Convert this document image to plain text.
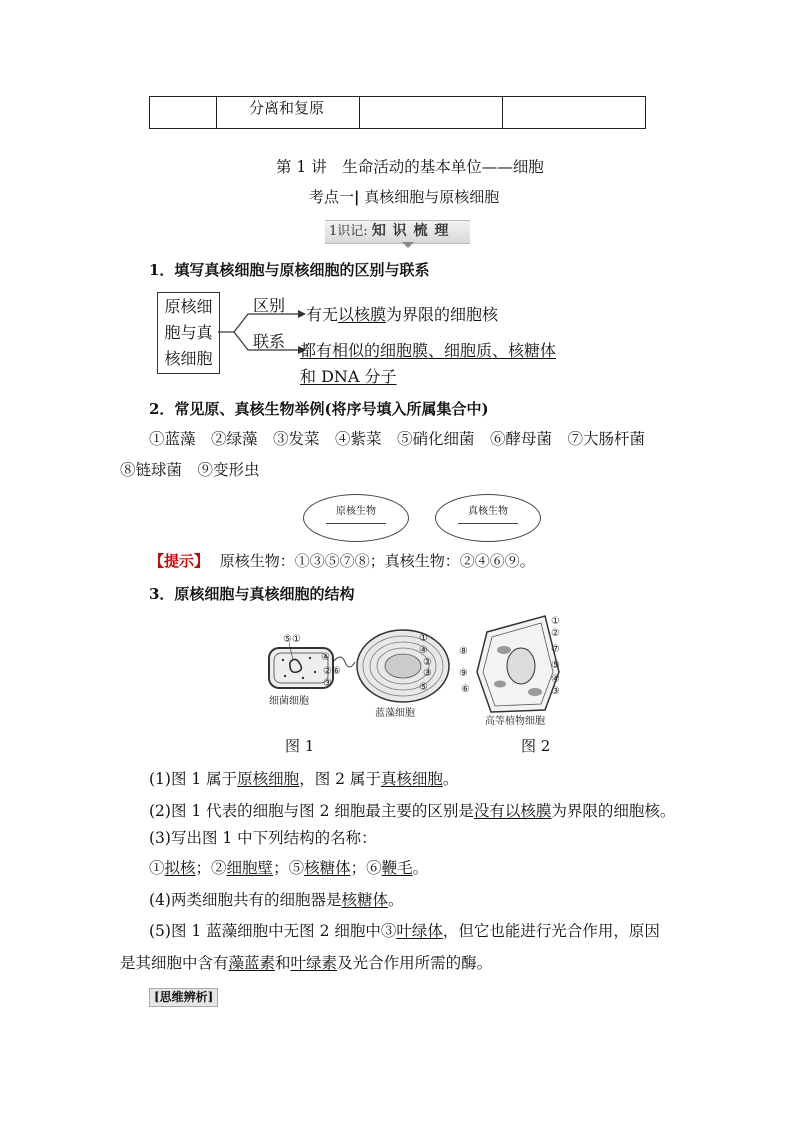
	分离和复原		
第 1 讲　生命活动的基本单位——细胞
考点一| 真核细胞与原核细胞
1识记: 知 识 梳 理
1．填写真核细胞与原核细胞的区别与联系
原核细
胞与真
核细胞
区别 有无以核膜为界限的细胞核
联系 都有相似的细胞膜、细胞质、核糖体
和 DNA 分子
2．常见原、真核生物举例(将序号填入所属集合中)
①蓝藻　②绿藻　③发菜　④紫菜　⑤硝化细菌　⑥酵母菌　⑦大肠杆菌
⑧链球菌　⑨变形虫
原核生物	真核生物
【提示】 原核生物：①③⑤⑦⑧；真核生物：②④⑥⑨。
3．原核细胞与真核细胞的结构
⑤①
④
②⑥
③
细菌细胞
①
④
②
③
⑤
蓝藻细胞
①
②
⑦
⑤
④
③
⑧
⑨
⑥
高等植物细胞
图 1	图 2
(1)图 1 属于原核细胞，图 2 属于真核细胞。
(2)图 1 代表的细胞与图 2 细胞最主要的区别是没有以核膜为界限的细胞核。
(3)写出图 1 中下列结构的名称：
①拟核；②细胞壁；⑤核糖体；⑥鞭毛。
(4)两类细胞共有的细胞器是核糖体。
(5)图 1 蓝藻细胞中无图 2 细胞中③叶绿体，但它也能进行光合作用，原因
是其细胞中含有藻蓝素和叶绿素及光合作用所需的酶。
[思维辨析]
